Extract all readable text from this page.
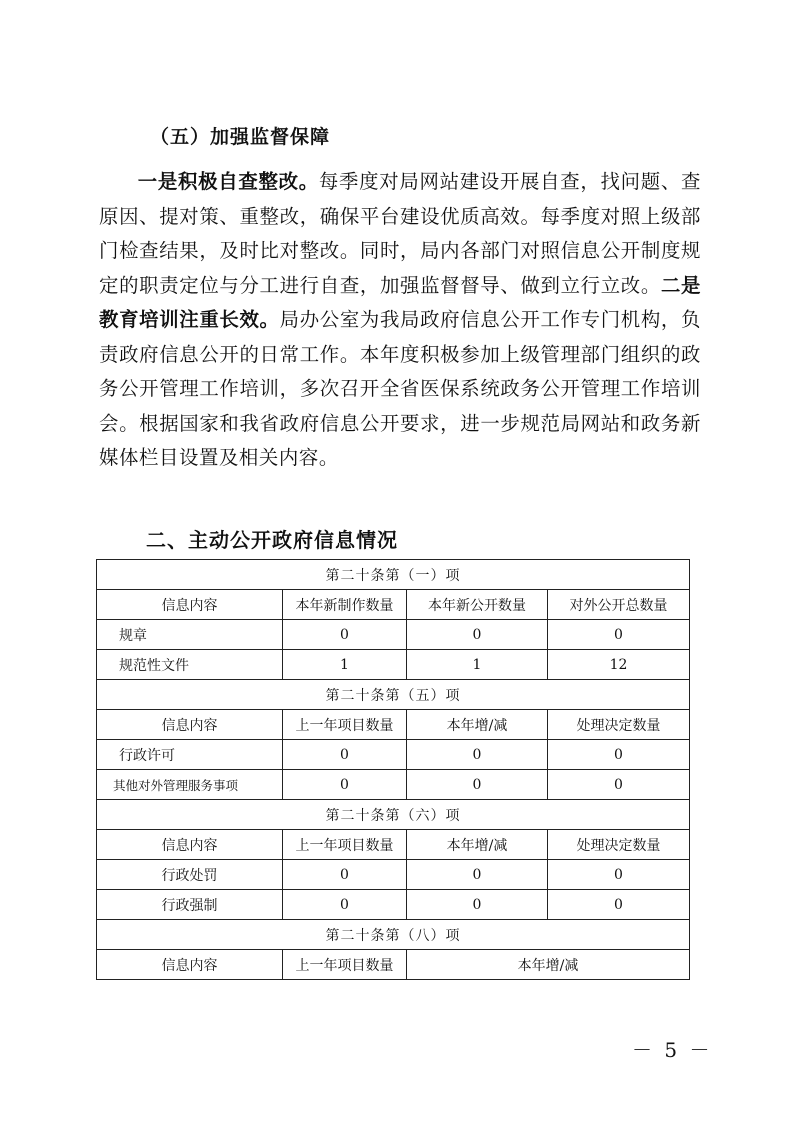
（五）加强监督保障

一是积极自查整改。每季度对局网站建设开展自查，找问题、查原因、提对策、重整改，确保平台建设优质高效。每季度对照上级部门检查结果，及时比对整改。同时，局内各部门对照信息公开制度规定的职责定位与分工进行自查，加强监督督导、做到立行立改。二是教育培训注重长效。局办公室为我局政府信息公开工作专门机构，负责政府信息公开的日常工作。本年度积极参加上级管理部门组织的政务公开管理工作培训，多次召开全省医保系统政务公开管理工作培训会。根据国家和我省政府信息公开要求，进一步规范局网站和政务新媒体栏目设置及相关内容。

二、主动公开政府信息情况
第二十条第（一）项			
信息内容	本年新制作数量	本年新公开数量	对外公开总数量
规章	0	0	0
规范性文件	1	1	12
第二十条第（五）项			
信息内容	上一年项目数量	本年增/减	处理决定数量
行政许可	0	0	0
其他对外管理服务事项	0	0	0
第二十条第（六）项			
信息内容	上一年项目数量	本年增/减	处理决定数量
行政处罚	0	0	0
行政强制	0	0	0
第二十条第（八）项			
信息内容	上一年项目数量	本年增/减	
－ 5 －
